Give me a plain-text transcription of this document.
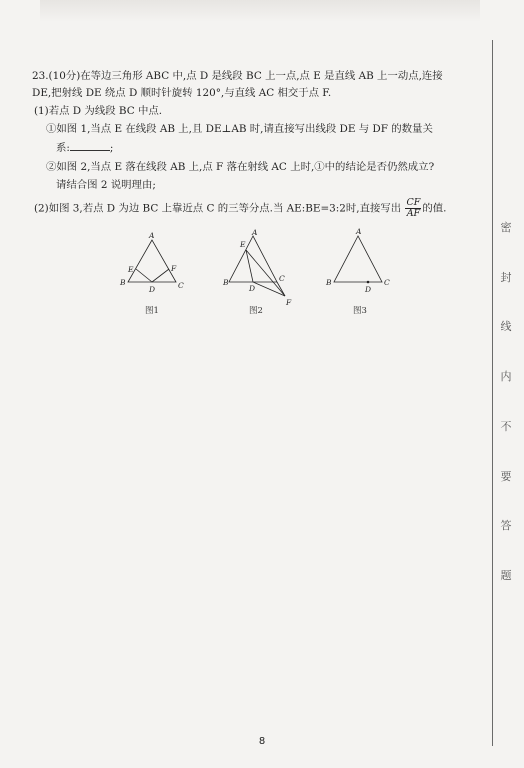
密
封
线
内
不
要
答
题
23.(10分)在等边三角形 ABC 中,点 D 是线段 BC 上一点,点 E 是直线 AB 上一动点,连接
DE,把射线 DE 绕点 D 顺时针旋转 120°,与直线 AC 相交于点 F.
(1)若点 D 为线段 BC 中点.
①如图 1,当点 E 在线段 AB 上,且 DE⊥AB 时,请直接写出线段 DE 与 DF 的数量关
系:	;
②如图 2,当点 E 落在线段 AB 上,点 F 落在射线 AC 上时,①中的结论是否仍然成立?
请结合图 2 说明理由;
(2)如图 3,若点 D 为边 BC 上靠近点 C 的三等分点.当 AE:BE=3:2时,直接写出 $\frac{CF}{AF}$ 的值.
A
B	C
D
E	F
图1
A
B	C
D
E
F
图2
A
B	C
D
图3
8
